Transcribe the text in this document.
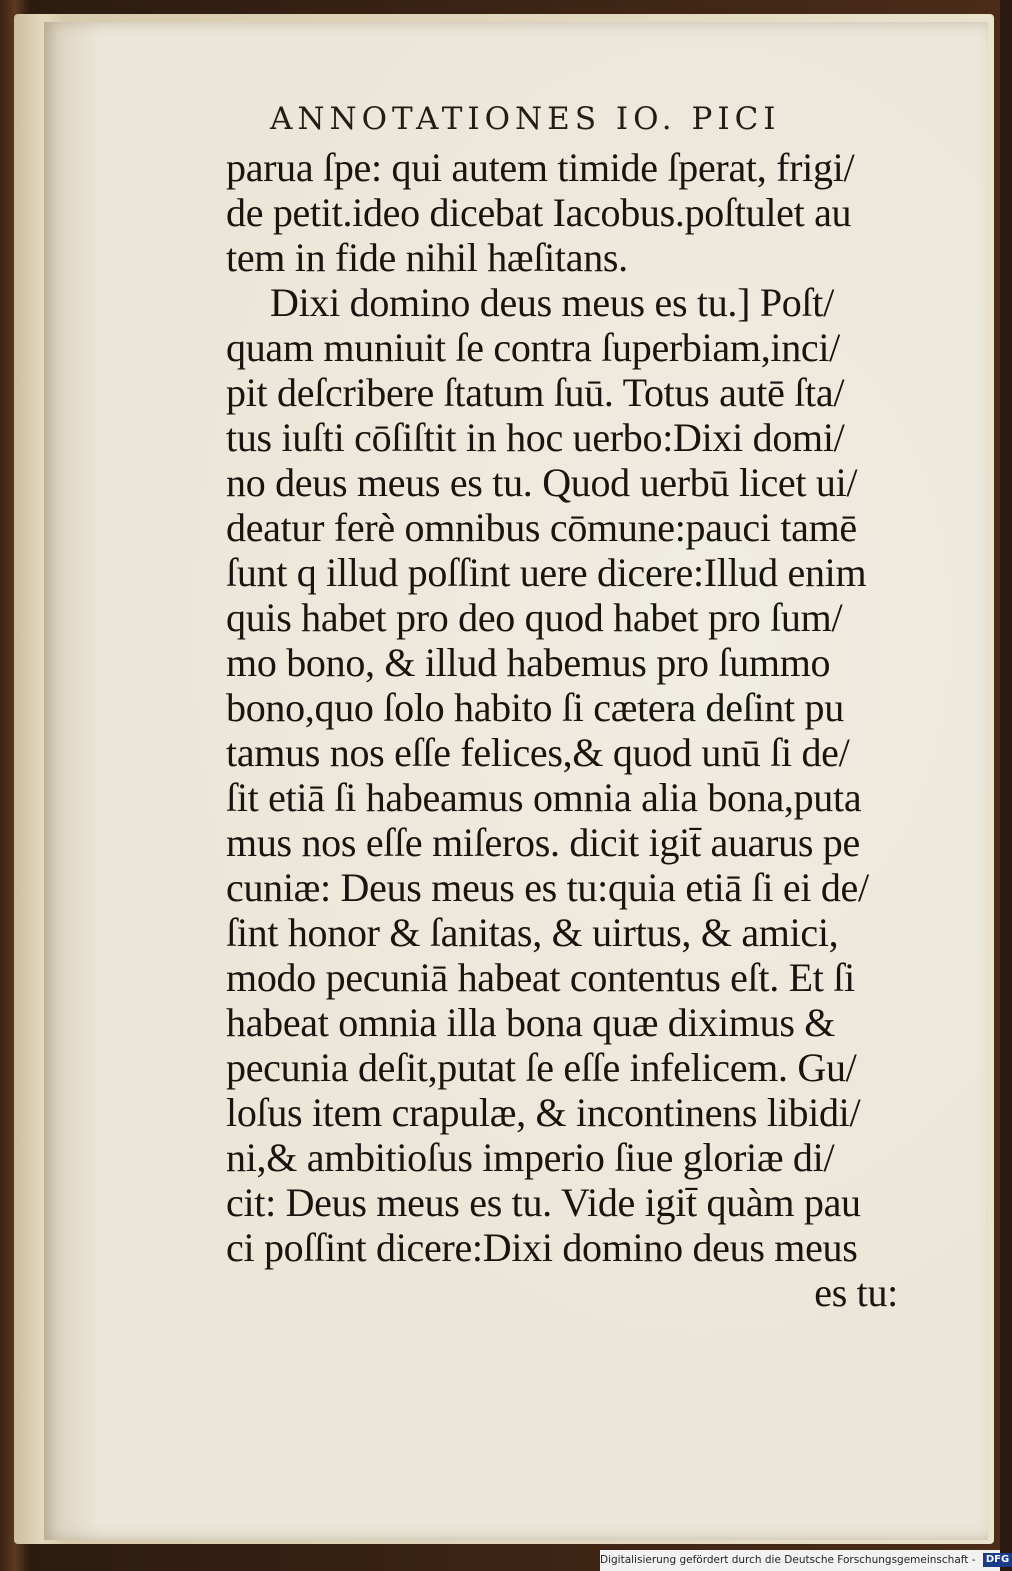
ANNOTATIONES IO. PICI
parua ſpe: qui autem timide ſperat, frigi/
de petit.ideo dicebat Iacobus.poſtulet au
tem in fide nihil hæſitans.
Dixi domino deus meus es tu.] Poſt/
quam muniuit ſe contra ſuperbiam,inci/
pit deſcribere ſtatum ſuū. Totus autē ſta/
tus iuſti cōſiſtit in hoc uerbo:Dixi domi/
no deus meus es tu. Quod uerbū licet ui/
deatur ferè omnibus cōmune:pauci tamē
ſunt q illud poſſint uere dicere:Illud enim
quis habet pro deo quod habet pro ſum/
mo bono, & illud habemus pro ſummo
bono,quo ſolo habito ſi cætera deſint pu
tamus nos eſſe felices,& quod unū ſi de/
ſit etiā ſi habeamus omnia alia bona,puta
mus nos eſſe miſeros. dicit igit̄ auarus pe
cuniæ: Deus meus es tu:quia etiā ſi ei de/
ſint honor & ſanitas, & uirtus, & amici,
modo pecuniā habeat contentus eſt. Et ſi
habeat omnia illa bona quæ diximus &
pecunia deſit,putat ſe eſſe infelicem. Gu/
loſus item crapulæ, & incontinens libidi/
ni,& ambitioſus imperio ſiue gloriæ di/
cit: Deus meus es tu. Vide igit̄ quàm pau
ci poſſint dicere:Dixi domino deus meus
es tu:
Digitalisierung gefördert durch die Deutsche Forschungsgemeinschaft - DFG
